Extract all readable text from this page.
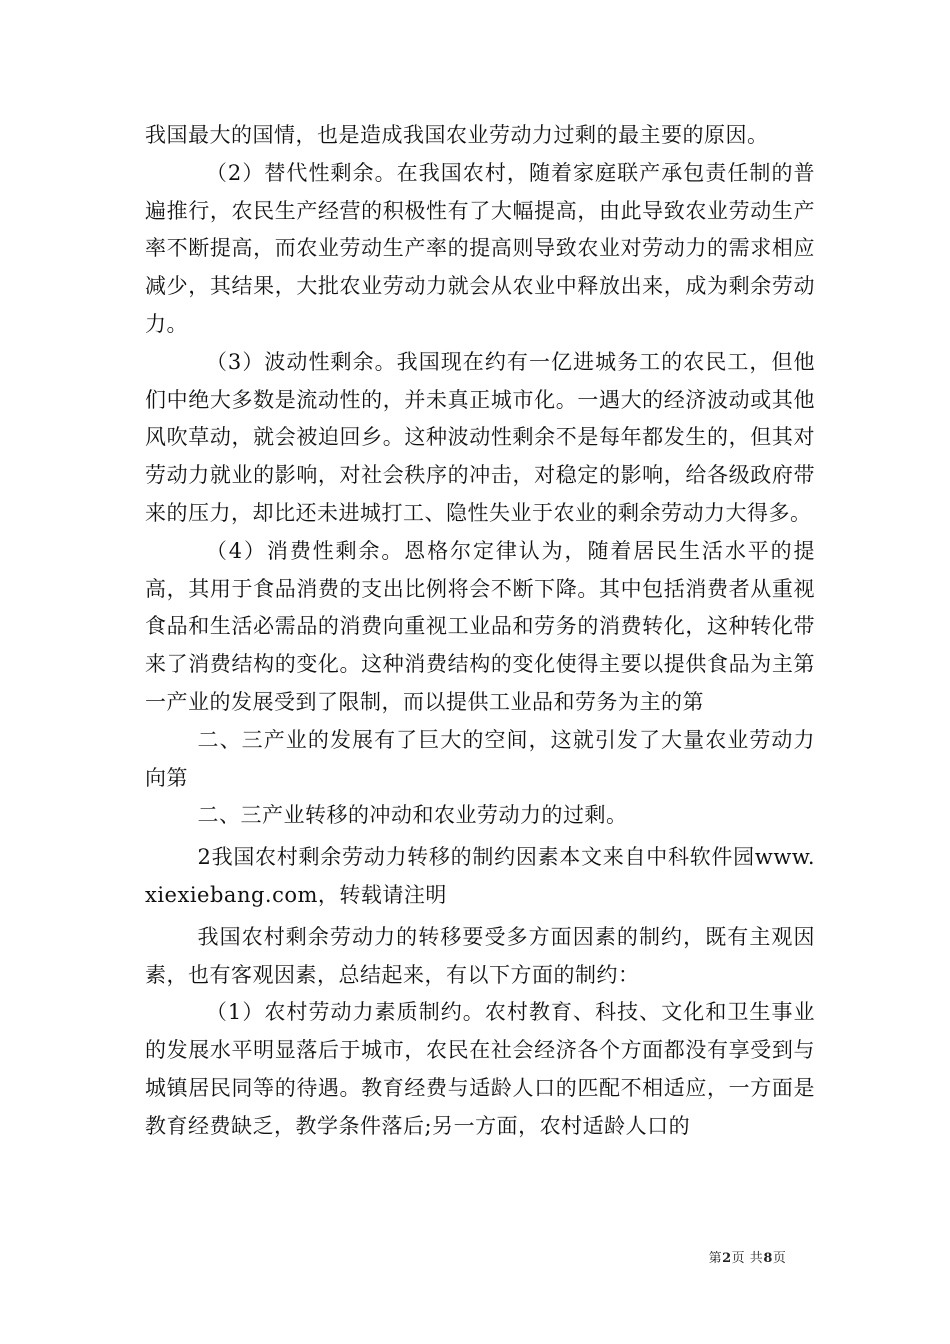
我国最大的国情，也是造成我国农业劳动力过剩的最主要的原因。

（2）替代性剩余。在我国农村，随着家庭联产承包责任制的普遍推行，农民生产经营的积极性有了大幅提高，由此导致农业劳动生产率不断提高，而农业劳动生产率的提高则导致农业对劳动力的需求相应减少，其结果，大批农业劳动力就会从农业中释放出来，成为剩余劳动力。

（3）波动性剩余。我国现在约有一亿进城务工的农民工，但他们中绝大多数是流动性的，并未真正城市化。一遇大的经济波动或其他风吹草动，就会被迫回乡。这种波动性剩余不是每年都发生的，但其对劳动力就业的影响，对社会秩序的冲击，对稳定的影响，给各级政府带来的压力，却比还未进城打工、隐性失业于农业的剩余劳动力大得多。

（4）消费性剩余。恩格尔定律认为，随着居民生活水平的提高，其用于食品消费的支出比例将会不断下降。其中包括消费者从重视食品和生活必需品的消费向重视工业品和劳务的消费转化，这种转化带来了消费结构的变化。这种消费结构的变化使得主要以提供食品为主第一产业的发展受到了限制，而以提供工业品和劳务为主的第

二、三产业的发展有了巨大的空间，这就引发了大量农业劳动力向第

二、三产业转移的冲动和农业劳动力的过剩。

2我国农村剩余劳动力转移的制约因素本文来自中科软件园www.xiexiebang.com，转载请注明

我国农村剩余劳动力的转移要受多方面因素的制约，既有主观因素，也有客观因素，总结起来，有以下方面的制约：

（1）农村劳动力素质制约。农村教育、科技、文化和卫生事业的发展水平明显落后于城市，农民在社会经济各个方面都没有享受到与城镇居民同等的待遇。教育经费与适龄人口的匹配不相适应，一方面是教育经费缺乏，教学条件落后;另一方面，农村适龄人口的

第2页 共8页
